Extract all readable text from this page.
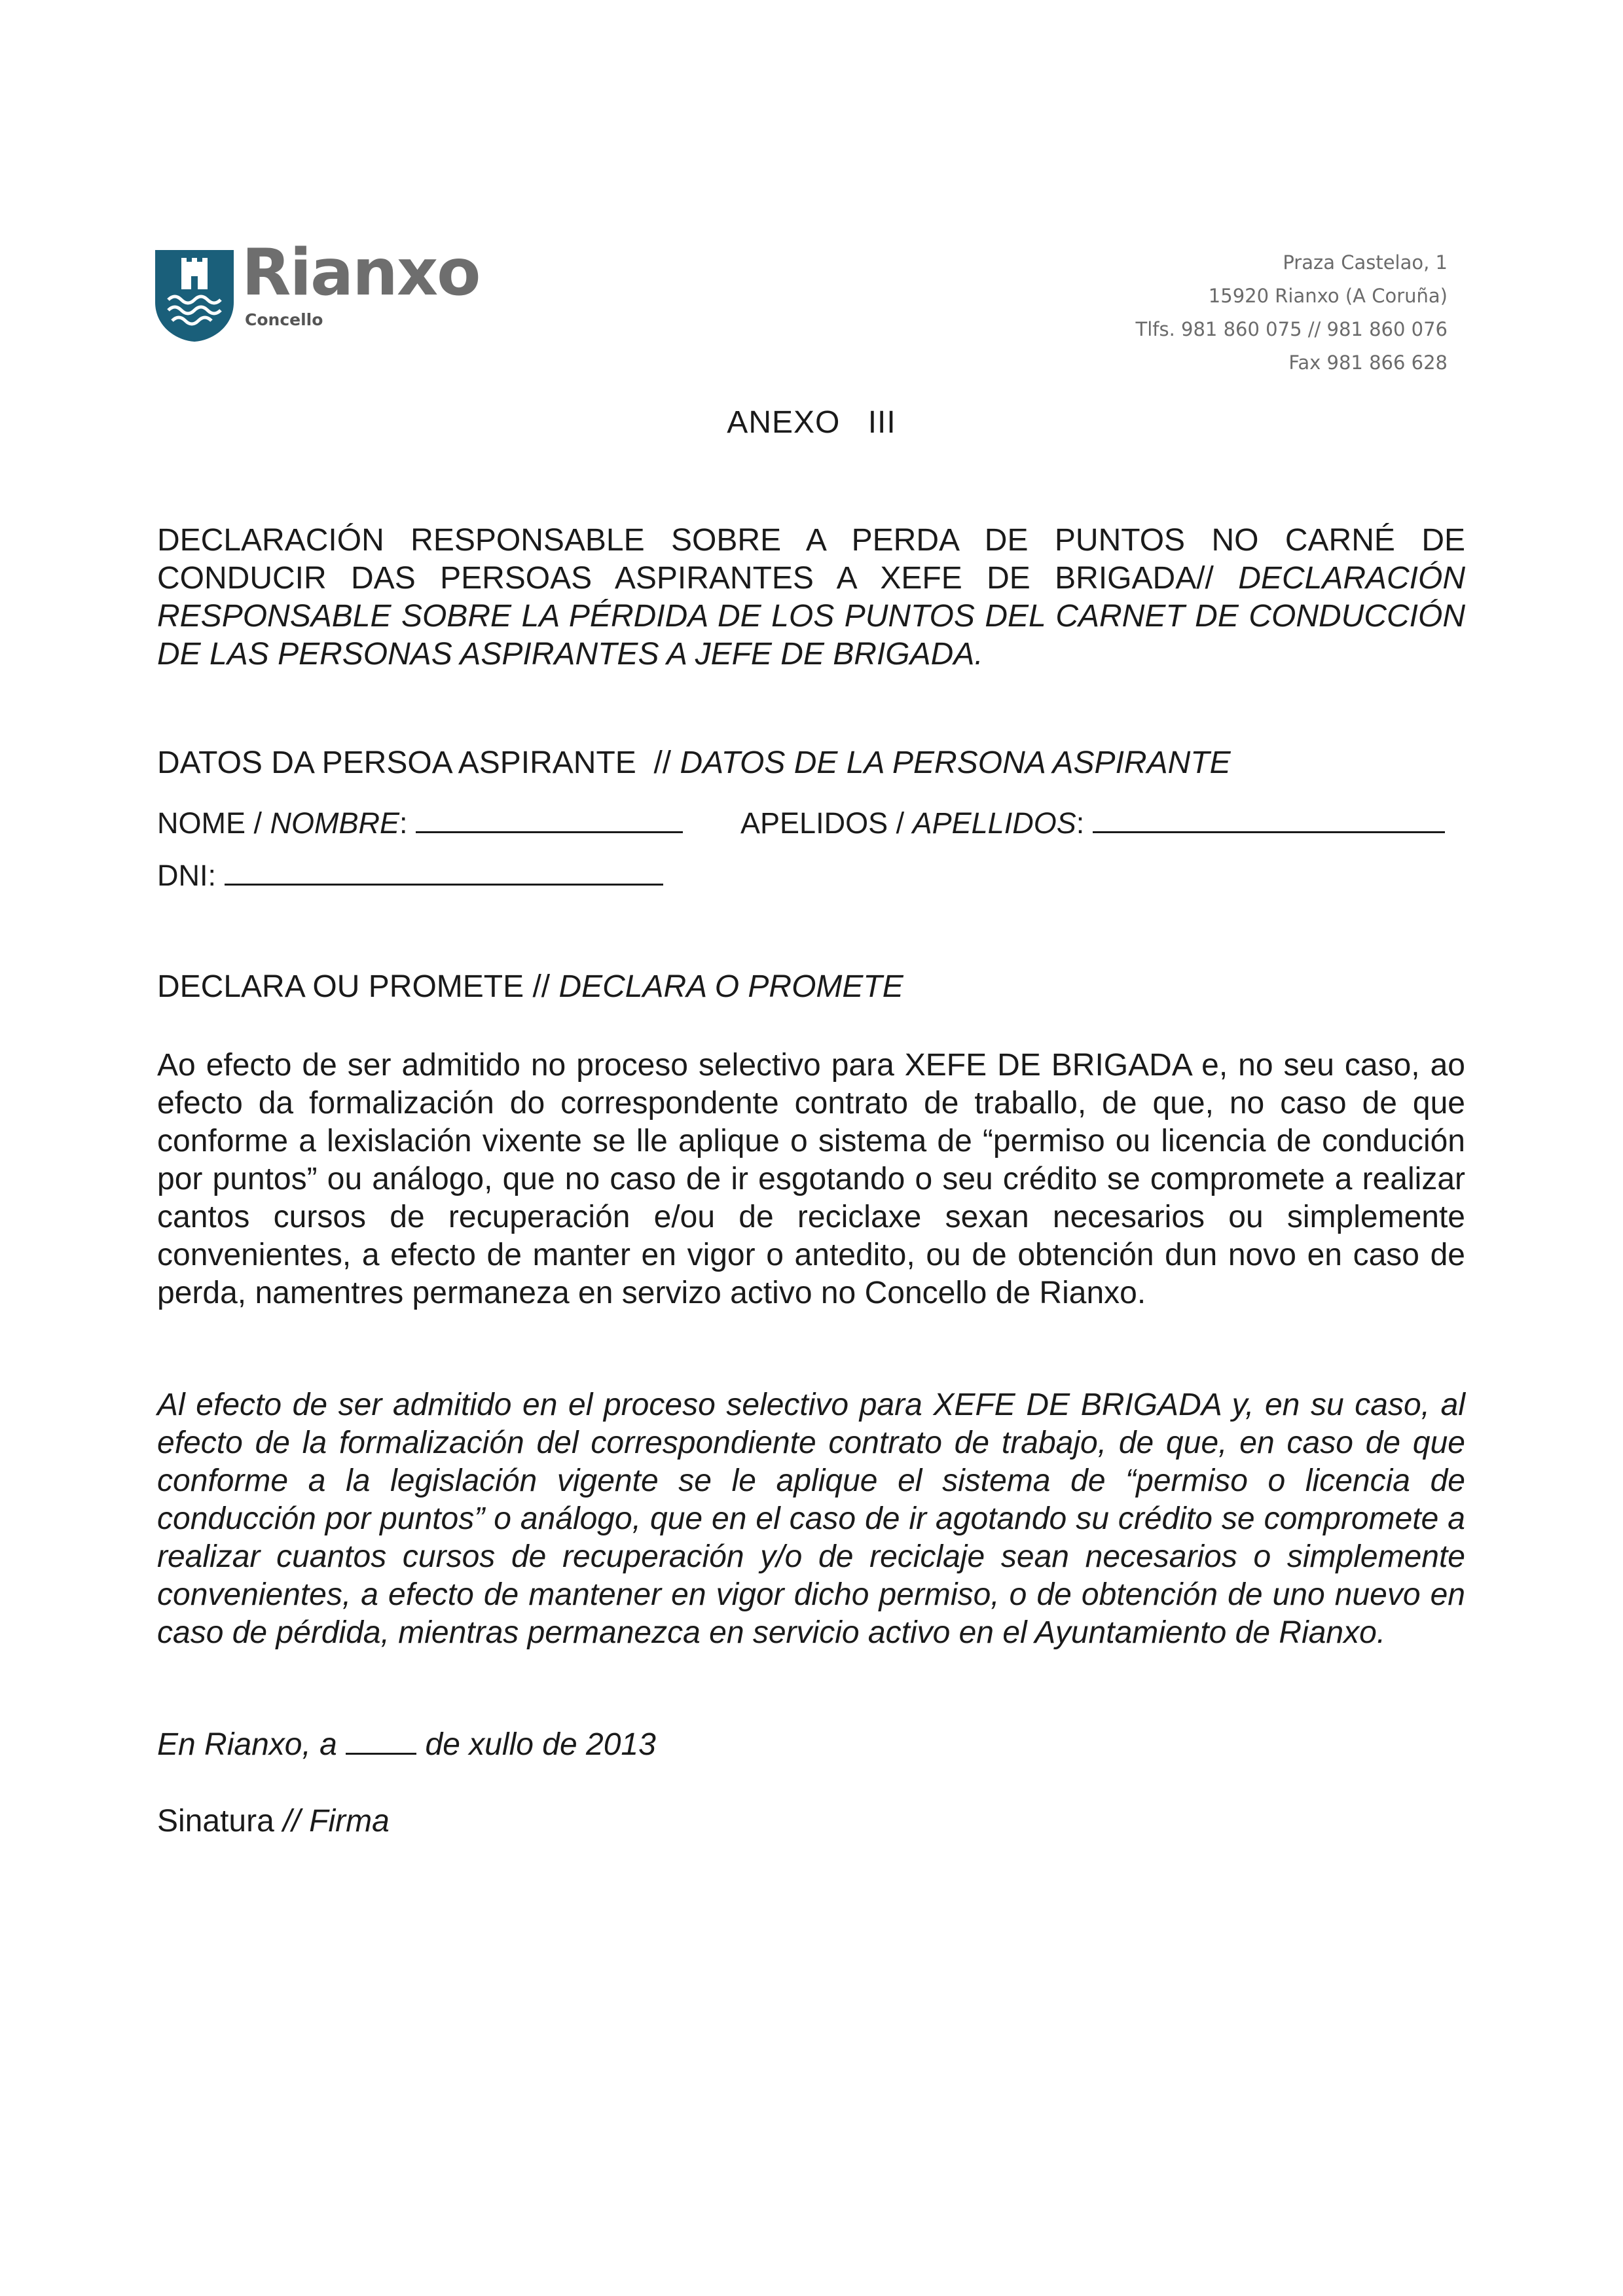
Rianxo
Concello
Praza Castelao, 1
15920 Rianxo (A Coruña)
Tlfs. 981 860 075 // 981 860 076
Fax 981 866 628
ANEXO III
DECLARACIÓN RESPONSABLE SOBRE A PERDA DE PUNTOS NO CARNÉ DE CONDUCIR DAS PERSOAS ASPIRANTES A XEFE DE BRIGADA// DECLARACIÓN RESPONSABLE SOBRE LA PÉRDIDA DE LOS PUNTOS DEL CARNET DE CONDUCCIÓN DE LAS PERSONAS ASPIRANTES A JEFE DE BRIGADA.
DATOS DA PERSOA ASPIRANTE  // DATOS DE LA PERSONA ASPIRANTE
NOME / NOMBRE:	APELIDOS / APELLIDOS:
DNI:
DECLARA OU PROMETE // DECLARA O PROMETE
Ao efecto de ser admitido no proceso selectivo para XEFE DE BRIGADA e, no seu caso, ao efecto da formalización do correspondente contrato de traballo, de que, no caso de que conforme a lexislación vixente se lle aplique o sistema de “permiso ou licencia de condución por puntos” ou análogo, que no caso de ir esgotando o seu crédito se compromete a realizar cantos cursos de recuperación e/ou de reciclaxe sexan necesarios ou simplemente convenientes, a efecto de manter en vigor o antedito, ou de obtención dun novo en caso de perda, namentres permaneza en servizo activo no Concello de Rianxo.
Al efecto de ser admitido en el proceso selectivo para XEFE DE BRIGADA y, en su caso, al efecto de la formalización del correspondiente contrato de trabajo, de que, en caso de que conforme a la legislación vigente se le aplique el sistema de “permiso o licencia de conducción por puntos” o análogo, que en el caso de ir agotando su crédito se compromete a realizar cuantos cursos de recuperación y/o de reciclaje sean necesarios o simplemente convenientes, a efecto de mantener en vigor dicho permiso, o de obtención de uno nuevo en caso de pérdida, mientras permanezca en servicio activo en el Ayuntamiento de Rianxo.
En Rianxo, a  de xullo de 2013
Sinatura // Firma
